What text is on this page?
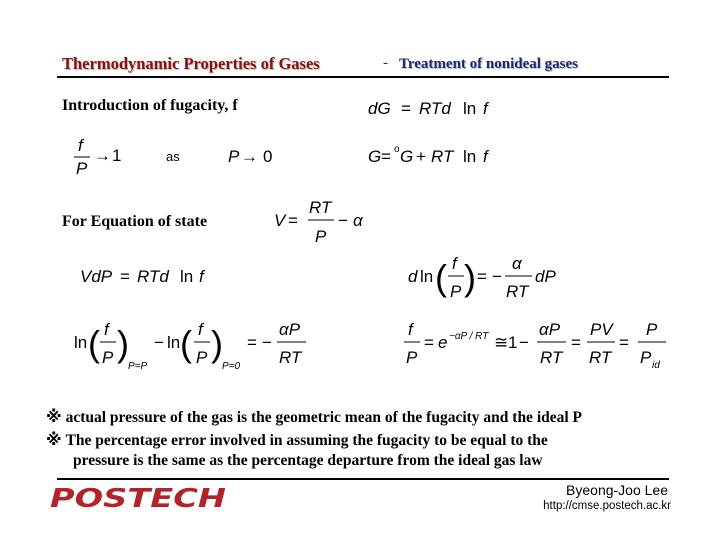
Thermodynamic Properties of Gases	- Treatment of nonideal gases
Introduction of fugacity, f
as
For Equation of state
dG = RTd ln f
f
P
→ 1	P → 0	G = o G + RT ln f
V =
RT
P
− α
VdP = RTd ln f	d ln ( f
P ) = −
α
RT
dP
ln ( f
P )
P=P
− ln ( f
P )
P=0
= −
αP
RT
f
P
= e −αP / RT ≅ 1 −
αP
RT
=
PV
RT
=
P
P id
※ actual pressure of the gas is the geometric mean of the fugacity and the ideal P
※ The percentage error involved in assuming the fugacity to be equal to the
pressure is the same as the percentage departure from the ideal gas law
POSTECH	Byeong-Joo Lee
http://cmse.postech.ac.kr
